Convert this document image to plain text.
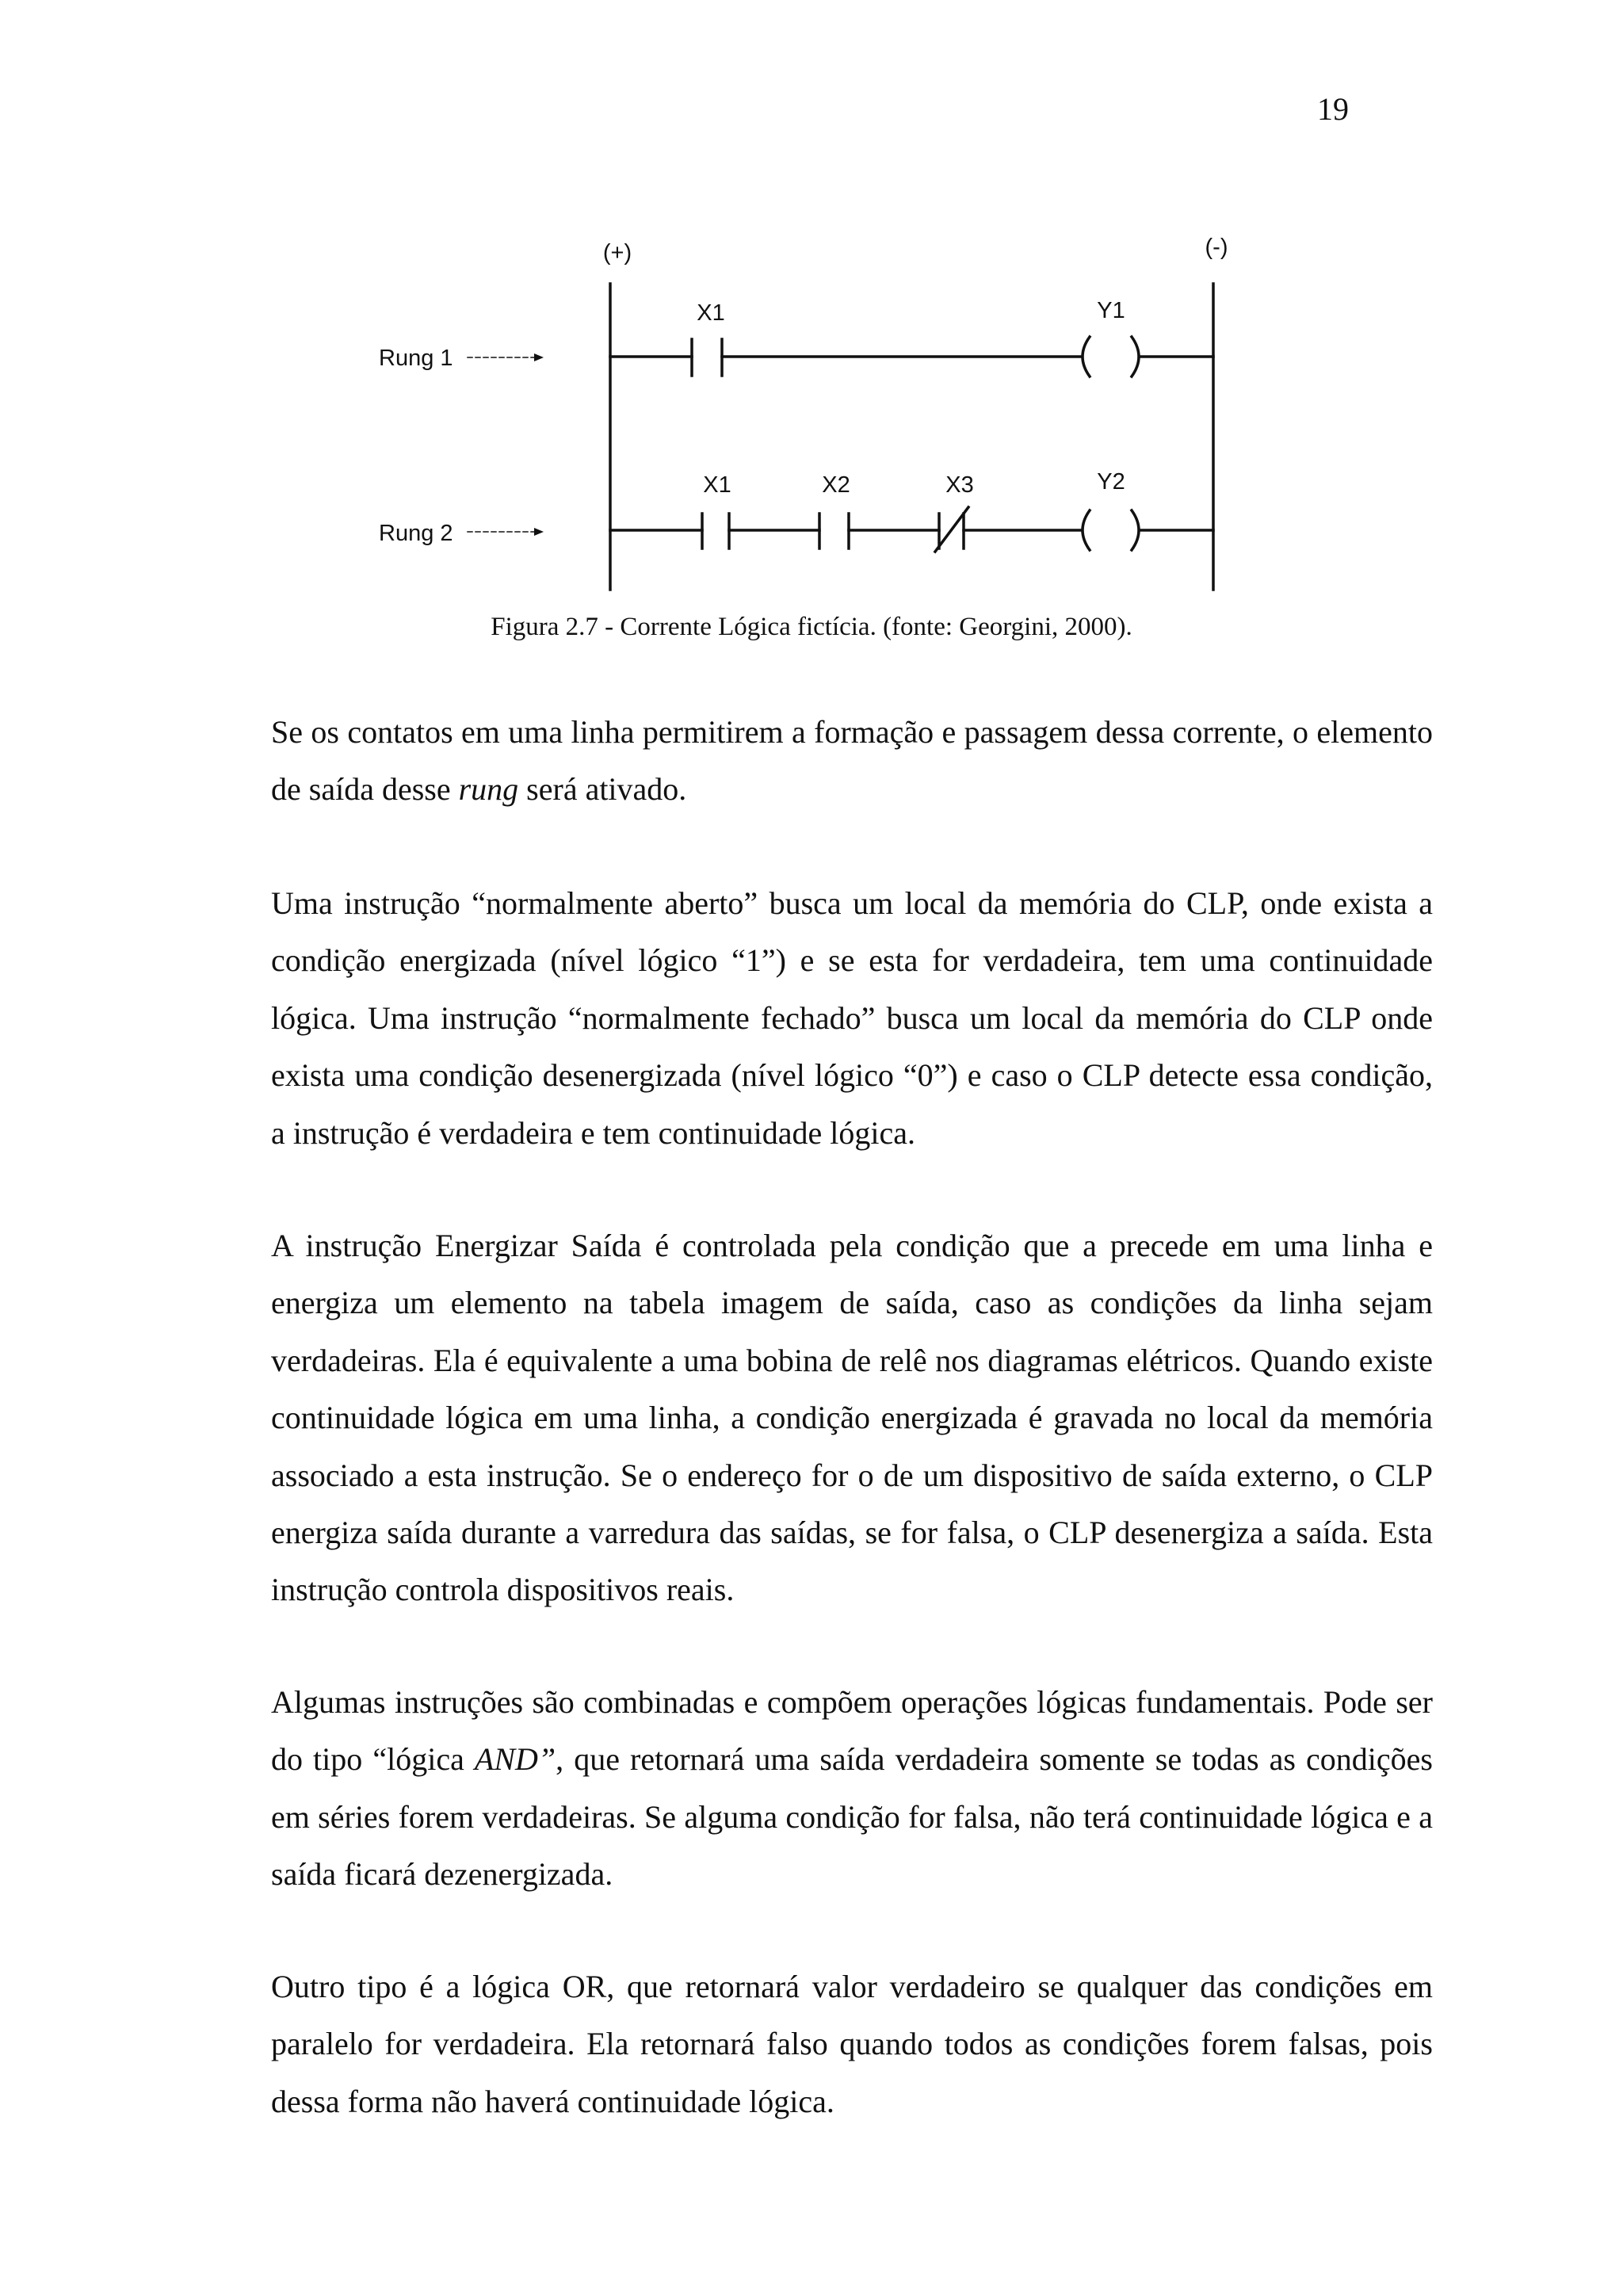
19
(+)	(-)
Rung 1
Rung 2
X1	Y1
X1	X2	X3	Y2
Figura 2.7 - Corrente Lógica fictícia. (fonte: Georgini, 2000).

Se os contatos em uma linha permitirem a formação e passagem dessa corrente, o elemento de saída desse rung será ativado.

Uma instrução “normalmente aberto” busca um local da memória do CLP, onde exista a condição energizada (nível lógico “1”) e se esta for verdadeira, tem uma continuidade lógica. Uma instrução “normalmente fechado” busca um local da memória do CLP onde exista uma condição desenergizada (nível lógico “0”) e caso o CLP detecte essa condição, a instrução é verdadeira e tem continuidade lógica.

A instrução Energizar Saída é controlada pela condição que a precede em uma linha e energiza um elemento na tabela imagem de saída, caso as condições da linha sejam verdadeiras. Ela é equivalente a uma bobina de relê nos diagramas elétricos. Quando existe continuidade lógica em uma linha, a condição energizada é gravada no local da memória associado a esta instrução. Se o endereço for o de um dispositivo de saída externo, o CLP energiza saída durante a varredura das saídas, se for falsa, o CLP desenergiza a saída. Esta instrução controla dispositivos reais.

Algumas instruções são combinadas e compõem operações lógicas fundamentais. Pode ser do tipo “lógica AND”, que retornará uma saída verdadeira somente se todas as condições em séries forem verdadeiras. Se alguma condição for falsa, não terá continuidade lógica e a saída ficará dezenergizada.

Outro tipo é a lógica OR, que retornará valor verdadeiro se qualquer das condições em paralelo for verdadeira. Ela retornará falso quando todos as condições forem falsas, pois dessa forma não haverá continuidade lógica.
